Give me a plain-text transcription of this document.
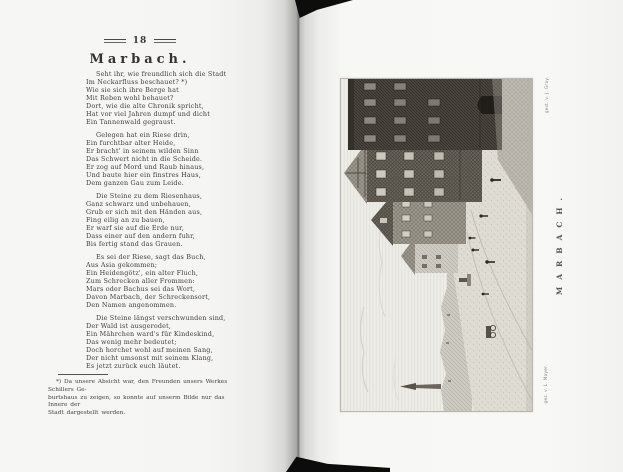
18
Marbach.
Seht ihr, wie freundlich sich die Stadt
Im Neckarfluss beschauet? *)
Wie sie sich ihre Berge hat
Mit Reben wohl behauet?
Dort, wie die alte Chronik spricht,
Hat vor viel Jahren dumpf und dicht
Ein Tannenwald gegraust.
Gelegen hat ein Riese drin,
Ein furchtbar alter Heide,
Er bracht' in seinem wilden Sinn
Das Schwert nicht in die Scheide.
Er zog auf Mord und Raub hinaus,
Und baute hier ein finstres Haus,
Dem ganzen Gau zum Leide.
Die Steine zu dem Riesenhaus,
Ganz schwarz und unbehauen,
Grub er sich mit den Händen aus,
Fing eilig an zu bauen,
Er warf sie auf die Erde nur,
Dass einer auf den andern fuhr,
Bis fertig stand das Grauen.
Es sei der Riese, sagt das Buch,
Aus Asia gekommen;
Ein Heidengötz', ein alter Fluch,
Zum Schrecken aller Frommen:
Mars oder Bachus sei das Wort,
Davon Marbach, der Schreckensort,
Den Namen angenommen.
Die Steine längst verschwunden sind,
Der Wald ist ausgerodet,
Ein Mährchen ward's für Kindeskind,
Das wenig mehr bedeutet;
Doch horchet wohl auf meinen Sang,
Der nicht umsonst mit seinem Klang,
Es jetzt zurück euch läutet.
*) Da unsere Absicht war, den Freunden unsers Werkes Schillers Ge-
burtshaus zu zeigen, so konnte auf unserm Bilde nur das Innere der
Stadt dargestellt werden.
MARBACH.
gest. v. J. Gray.
gez. v. L. Mayer.
